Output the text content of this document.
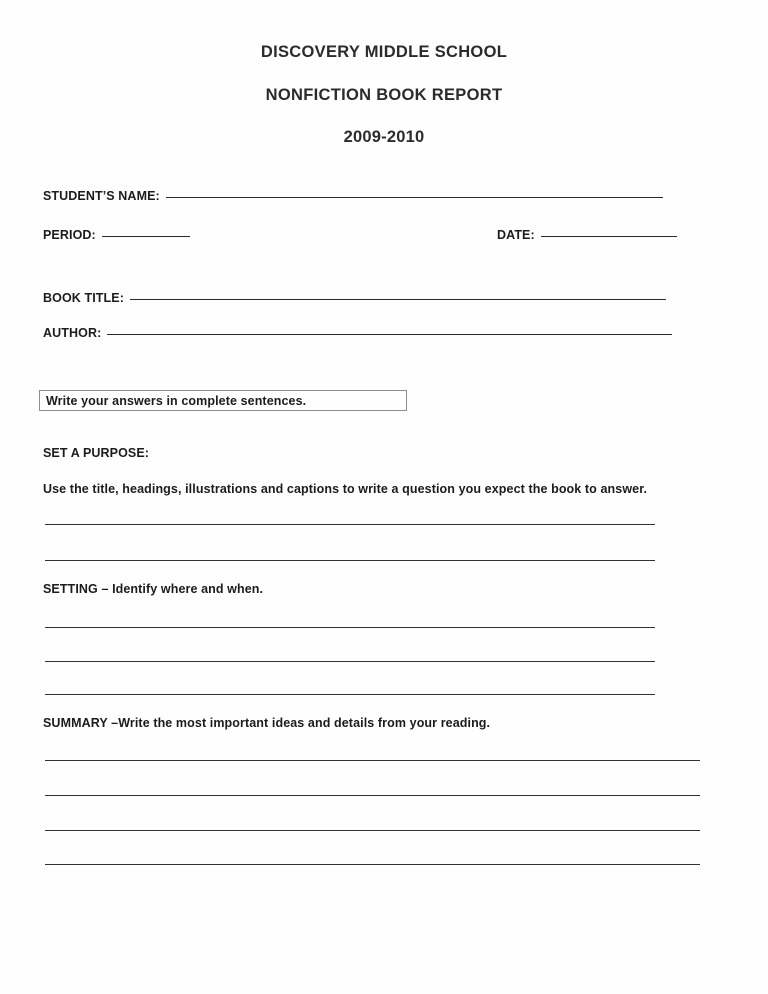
DISCOVERY MIDDLE SCHOOL
NONFICTION BOOK REPORT
2009-2010
STUDENT’S NAME:
PERIOD:	DATE:
BOOK TITLE:
AUTHOR:
Write your answers in complete sentences.
SET A PURPOSE:
Use the title, headings, illustrations and captions to write a question you expect the book to answer.
SETTING – Identify where and when.
SUMMARY –Write the most important ideas and details from your reading.
